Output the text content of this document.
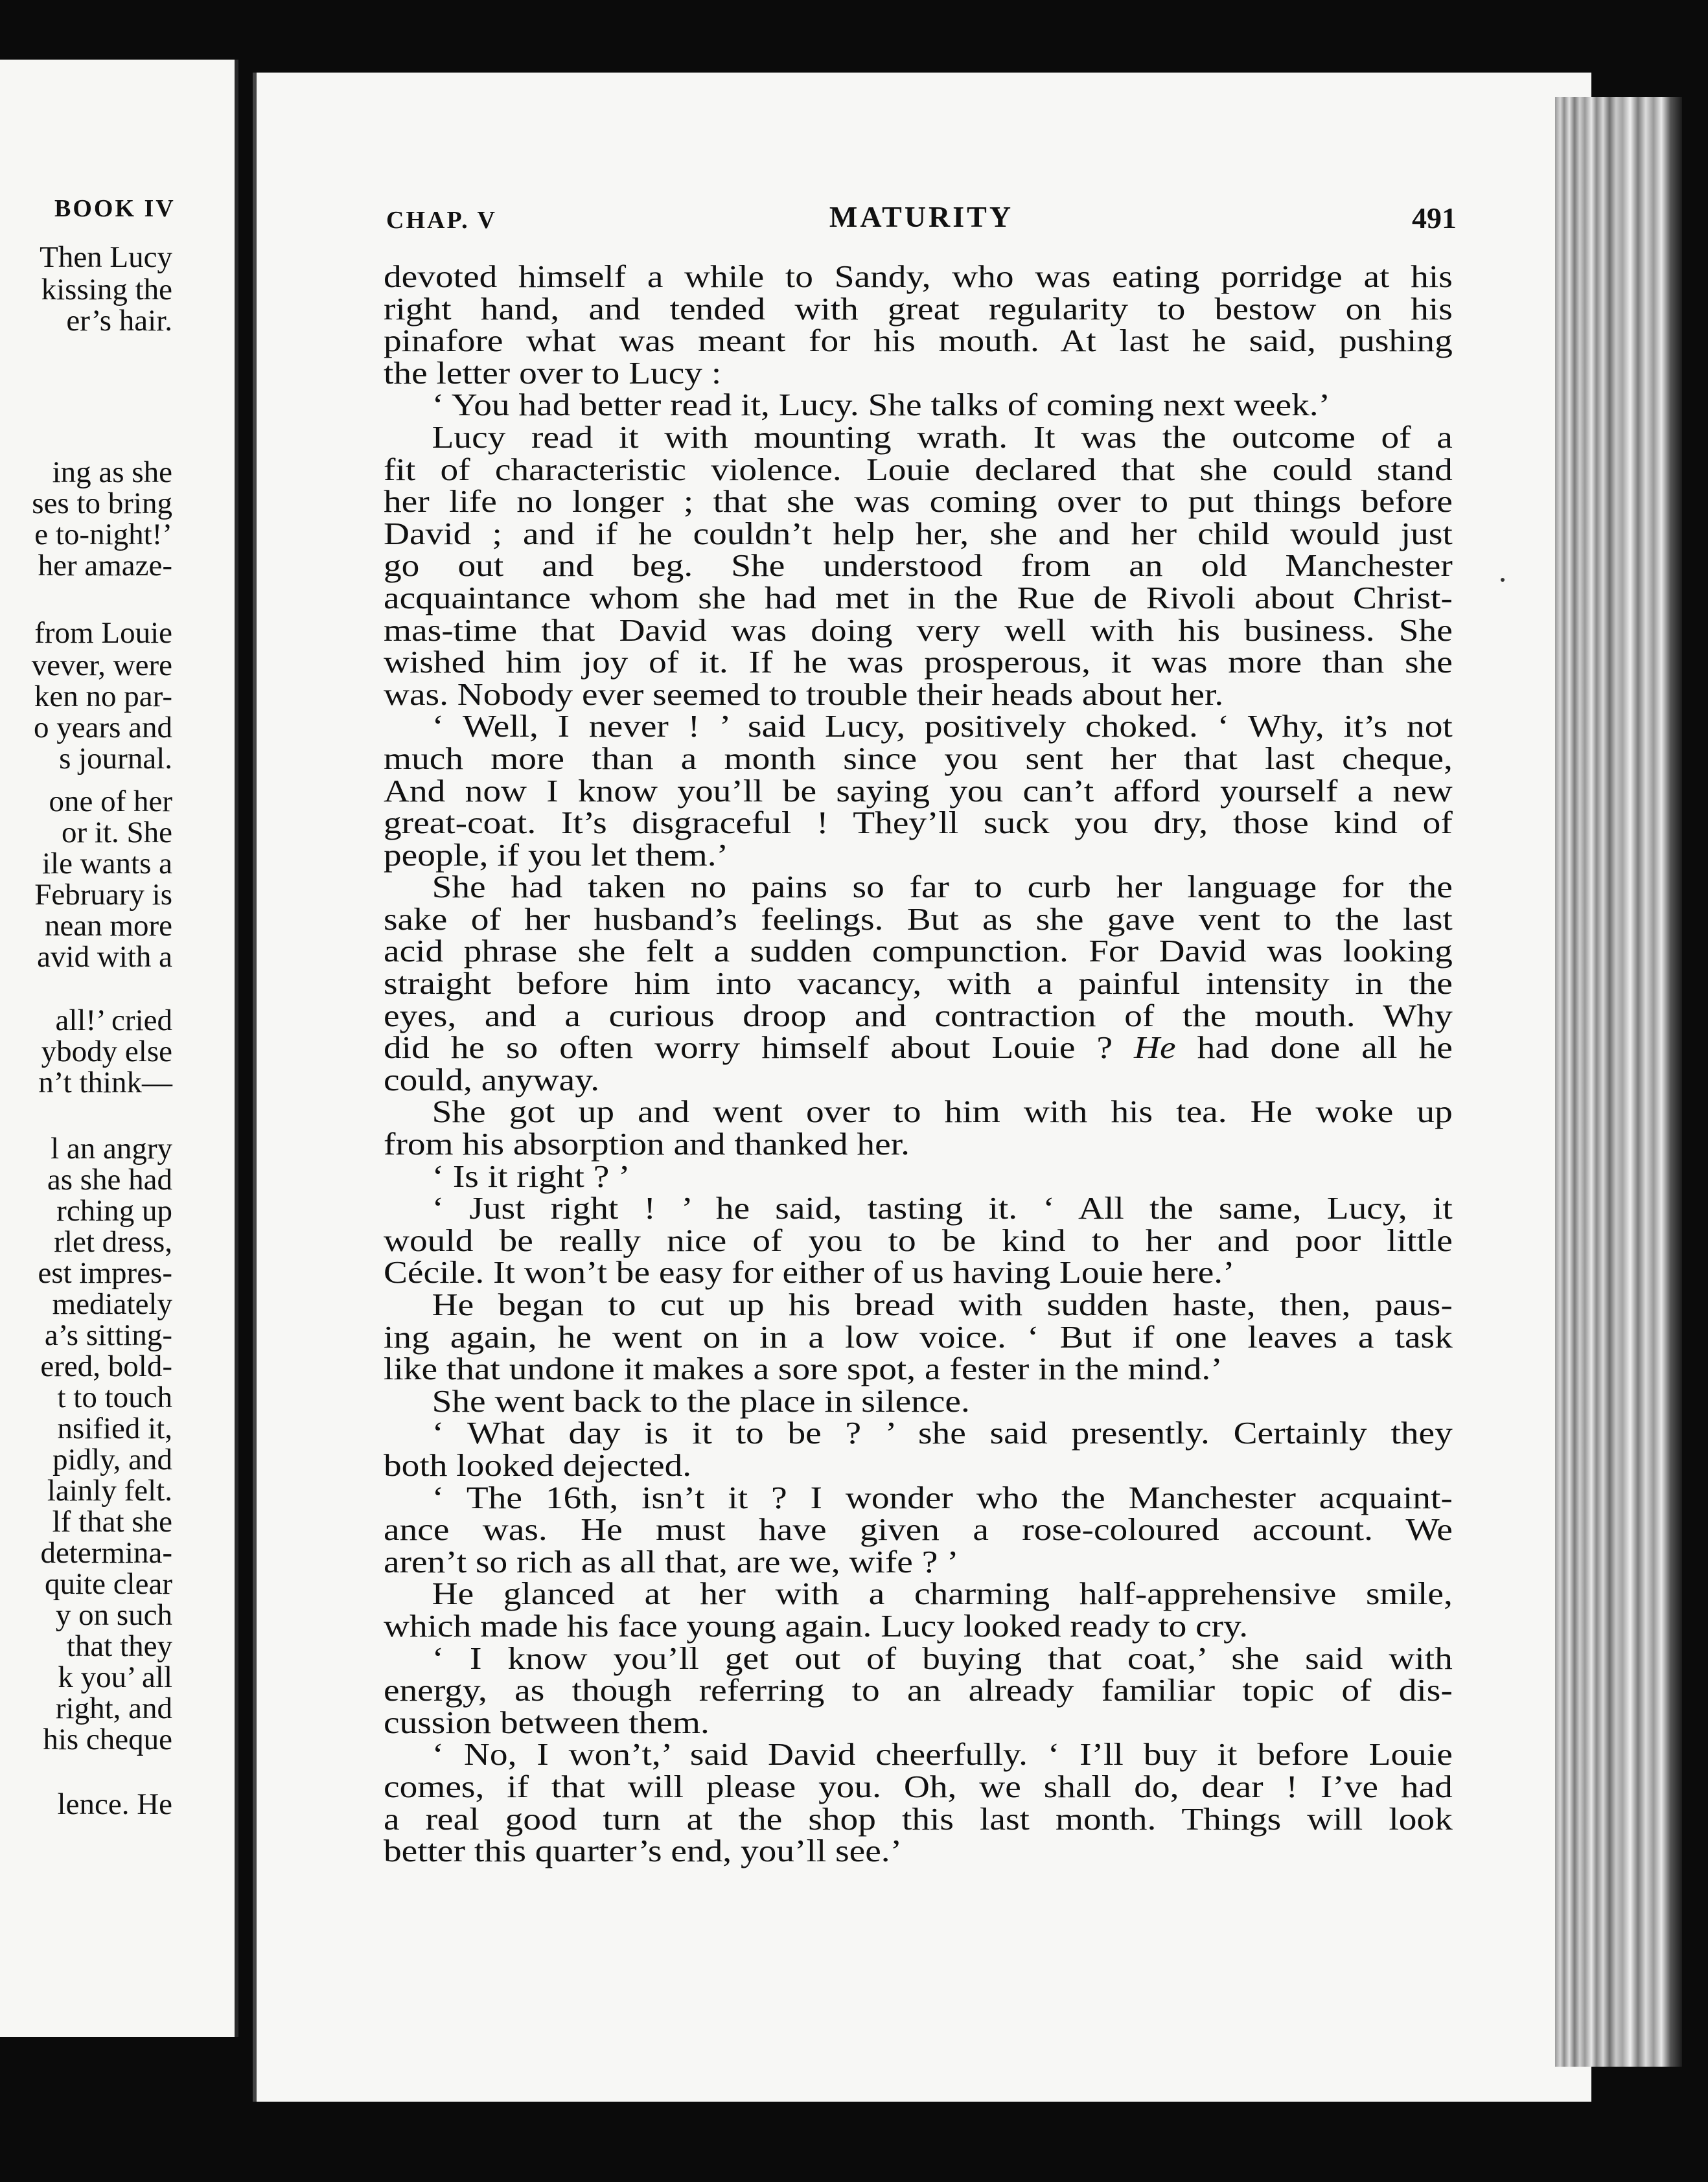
BOOK IV
Then Lucy
kissing the
er’s hair.
ing as she
ses to bring
e to-night!’
her amaze-
from Louie
vever, were
ken no par-
o years and
s journal.
one of her
or it. She
ile wants a
February is
nean more
avid with a
all!’ cried
ybody else
n’t think—
l an angry
as she had
rching up
rlet dress,
est impres-
mediately
a’s sitting-
ered, bold-
t to touch
nsified it,
pidly, and
lainly felt.
lf that she
determina-
quite clear
y on such
that they
k you’ all
right, and
his cheque
lence. He
CHAP. V	MATURITY	491
devoted himself a while to Sandy, who was eating porridge at his
right hand, and tended with great regularity to bestow on his
pinafore what was meant for his mouth. At last he said, pushing
the letter over to Lucy :
‘ You had better read it, Lucy. She talks of coming next week.’
Lucy read it with mounting wrath. It was the outcome of a
fit of characteristic violence. Louie declared that she could stand
her life no longer ; that she was coming over to put things before
David ; and if he couldn’t help her, she and her child would just
go out and beg. She understood from an old Manchester
acquaintance whom she had met in the Rue de Rivoli about Christ-
mas-time that David was doing very well with his business. She
wished him joy of it. If he was prosperous, it was more than she
was. Nobody ever seemed to trouble their heads about her.
‘ Well, I never ! ’ said Lucy, positively choked. ‘ Why, it’s not
much more than a month since you sent her that last cheque,
And now I know you’ll be saying you can’t afford yourself a new
great-coat. It’s disgraceful ! They’ll suck you dry, those kind of
people, if you let them.’
She had taken no pains so far to curb her language for the
sake of her husband’s feelings. But as she gave vent to the last
acid phrase she felt a sudden compunction. For David was looking
straight before him into vacancy, with a painful intensity in the
eyes, and a curious droop and contraction of the mouth. Why
did he so often worry himself about Louie ? He had done all he
could, anyway.
She got up and went over to him with his tea. He woke up
from his absorption and thanked her.
‘ Is it right ? ’
‘ Just right ! ’ he said, tasting it. ‘ All the same, Lucy, it
would be really nice of you to be kind to her and poor little
Cécile. It won’t be easy for either of us having Louie here.’
He began to cut up his bread with sudden haste, then, paus-
ing again, he went on in a low voice. ‘ But if one leaves a task
like that undone it makes a sore spot, a fester in the mind.’
She went back to the place in silence.
‘ What day is it to be ? ’ she said presently. Certainly they
both looked dejected.
‘ The 16th, isn’t it ? I wonder who the Manchester acquaint-
ance was. He must have given a rose-coloured account. We
aren’t so rich as all that, are we, wife ? ’
He glanced at her with a charming half-apprehensive smile,
which made his face young again. Lucy looked ready to cry.
‘ I know you’ll get out of buying that coat,’ she said with
energy, as though referring to an already familiar topic of dis-
cussion between them.
‘ No, I won’t,’ said David cheerfully. ‘ I’ll buy it before Louie
comes, if that will please you. Oh, we shall do, dear ! I’ve had
a real good turn at the shop this last month. Things will look
better this quarter’s end, you’ll see.’
